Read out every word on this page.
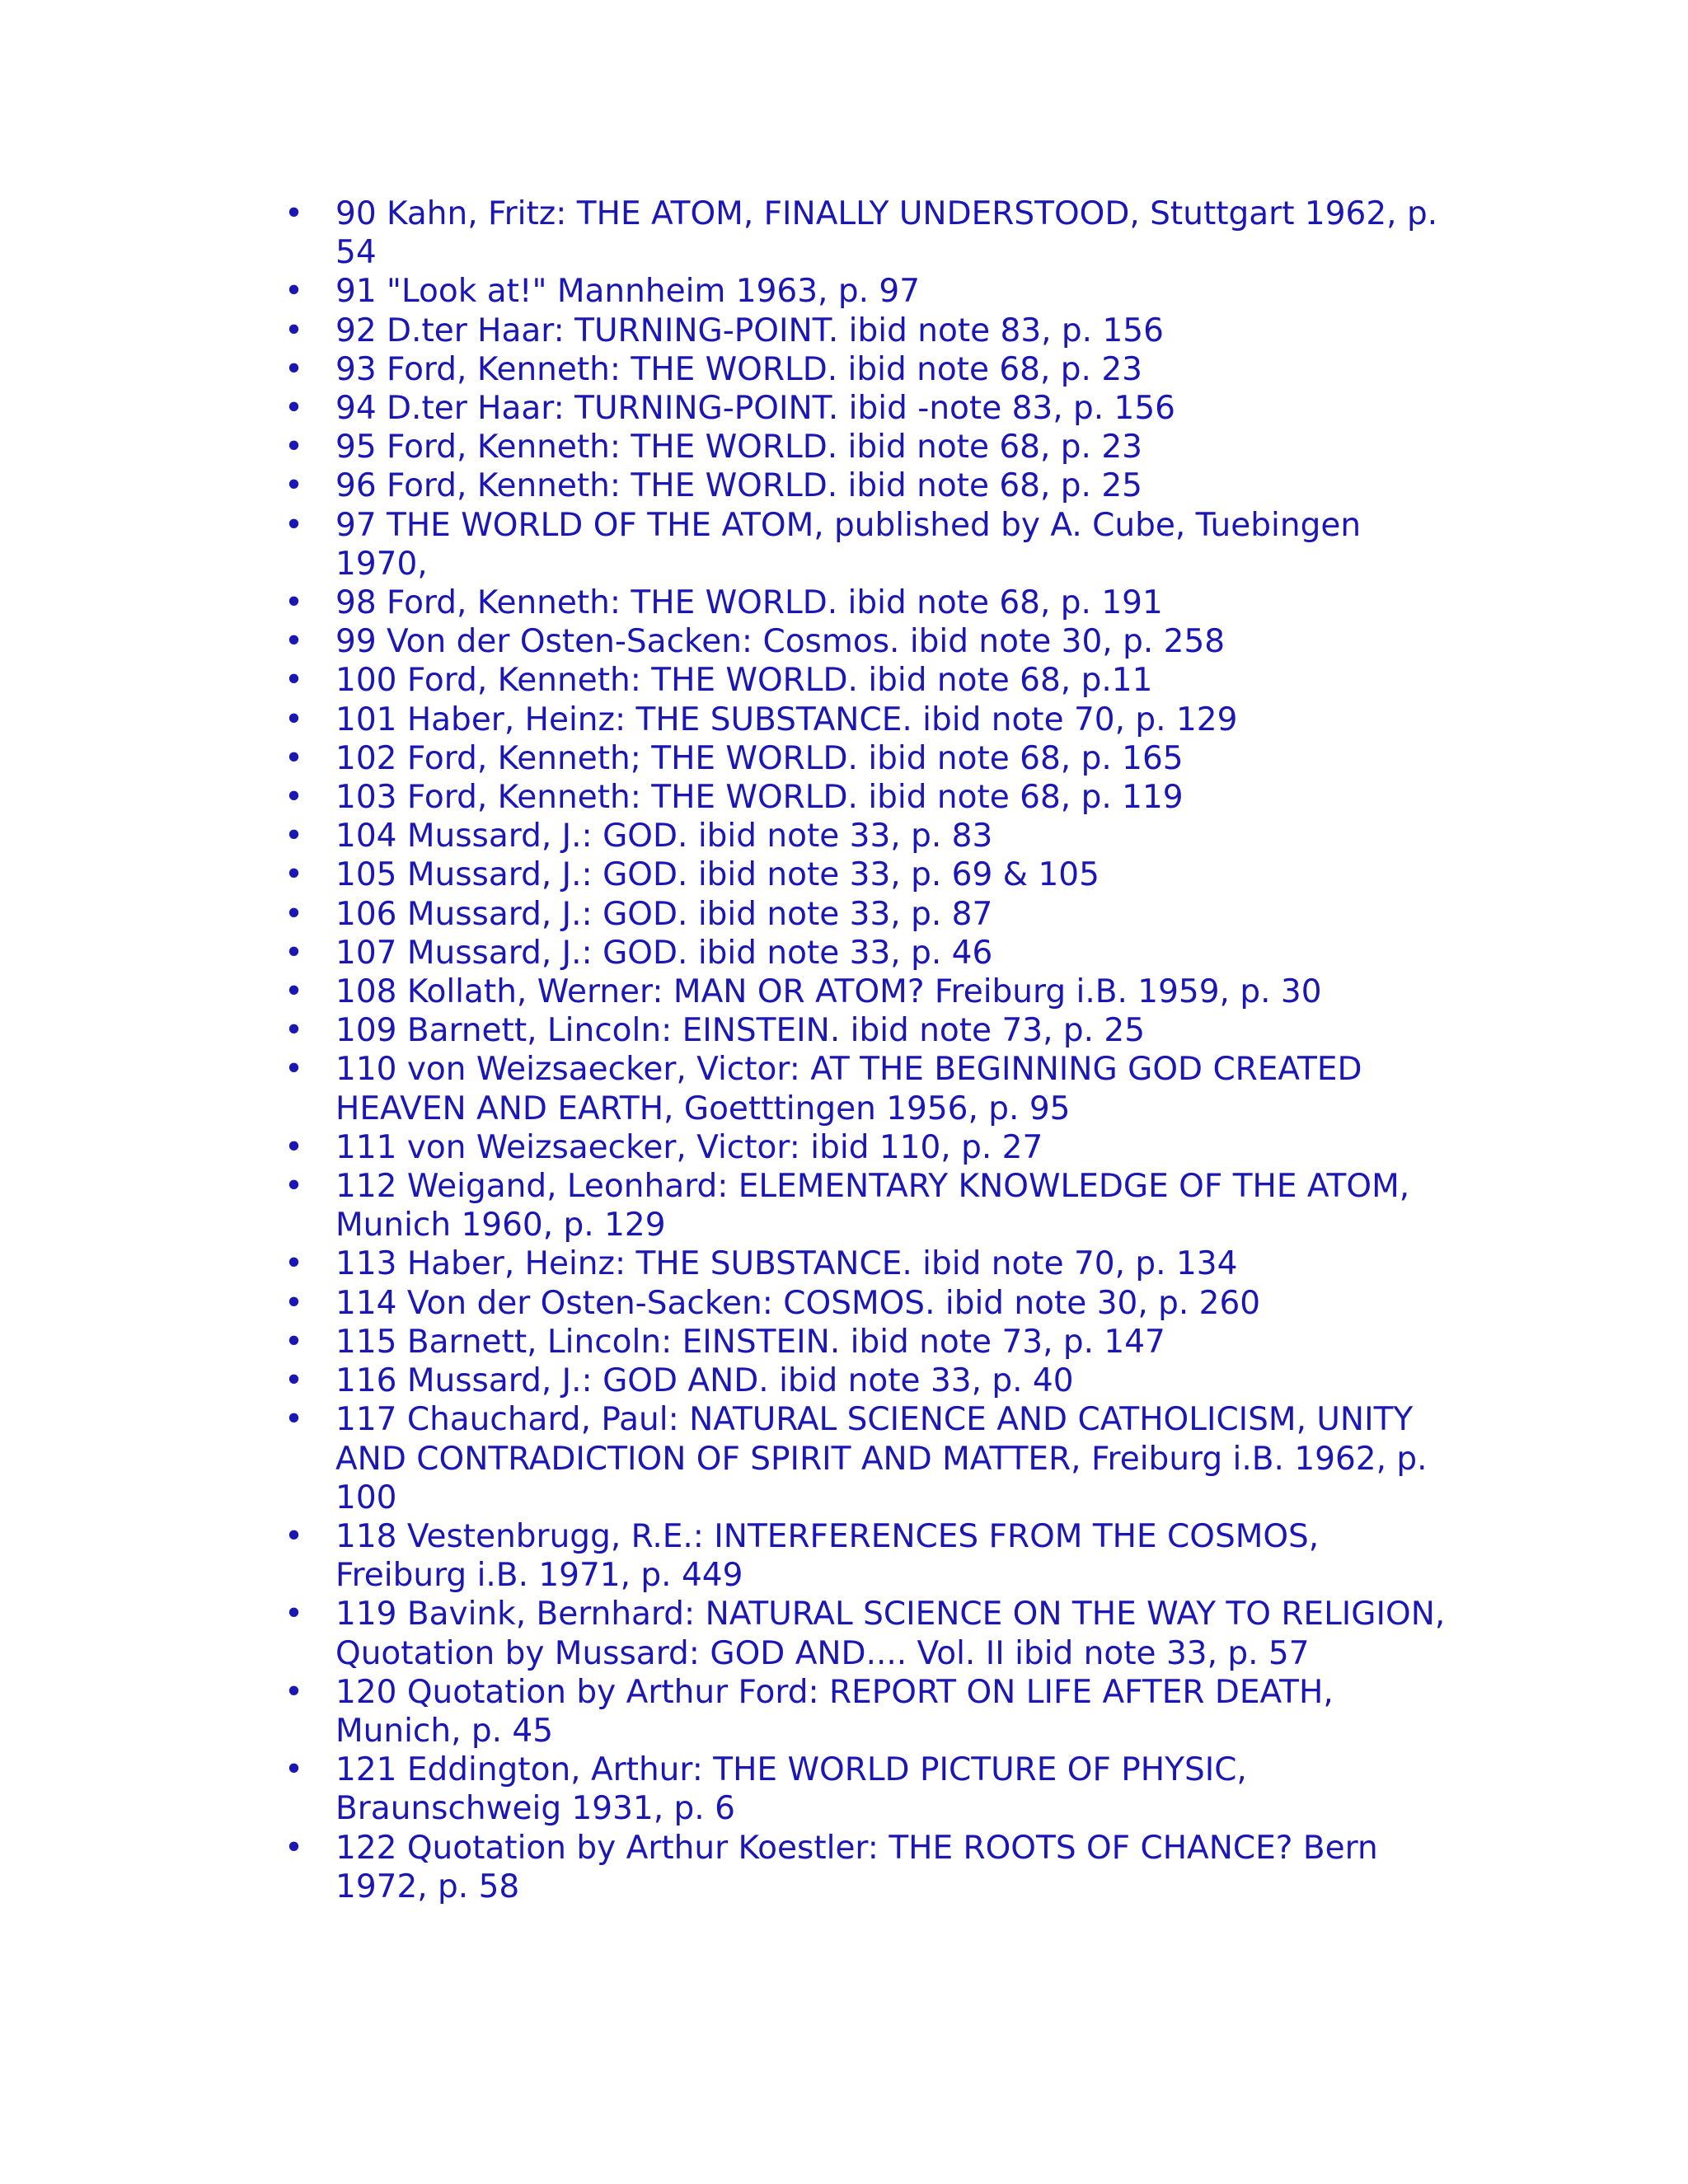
• 90 Kahn, Fritz: THE ATOM, FINALLY UNDERSTOOD, Stuttgart 1962, p. 54
• 91 "Look at!" Mannheim 1963, p. 97
• 92 D.ter Haar: TURNING-POINT. ibid note 83, p. 156
• 93 Ford, Kenneth: THE WORLD. ibid note 68, p. 23
• 94 D.ter Haar: TURNING-POINT. ibid -note 83, p. 156
• 95 Ford, Kenneth: THE WORLD. ibid note 68, p. 23
• 96 Ford, Kenneth: THE WORLD. ibid note 68, p. 25
• 97 THE WORLD OF THE ATOM, published by A. Cube, Tuebingen 1970,
• 98 Ford, Kenneth: THE WORLD. ibid note 68, p. 191
• 99 Von der Osten-Sacken: Cosmos. ibid note 30, p. 258
• 100 Ford, Kenneth: THE WORLD. ibid note 68, p.11
• 101 Haber, Heinz: THE SUBSTANCE. ibid note 70, p. 129
• 102 Ford, Kenneth; THE WORLD. ibid note 68, p. 165
• 103 Ford, Kenneth: THE WORLD. ibid note 68, p. 119
• 104 Mussard, J.: GOD. ibid note 33, p. 83
• 105 Mussard, J.: GOD. ibid note 33, p. 69 & 105
• 106 Mussard, J.: GOD. ibid note 33, p. 87
• 107 Mussard, J.: GOD. ibid note 33, p. 46
• 108 Kollath, Werner: MAN OR ATOM? Freiburg i.B. 1959, p. 30
• 109 Barnett, Lincoln: EINSTEIN. ibid note 73, p. 25
• 110 von Weizsaecker, Victor: AT THE BEGINNING GOD CREATED HEAVEN AND EARTH, Goetttingen 1956, p. 95
• 111 von Weizsaecker, Victor: ibid 110, p. 27
• 112 Weigand, Leonhard: ELEMENTARY KNOWLEDGE OF THE ATOM, Munich 1960, p. 129
• 113 Haber, Heinz: THE SUBSTANCE. ibid note 70, p. 134
• 114 Von der Osten-Sacken: COSMOS. ibid note 30, p. 260
• 115 Barnett, Lincoln: EINSTEIN. ibid note 73, p. 147
• 116 Mussard, J.: GOD AND. ibid note 33, p. 40
• 117 Chauchard, Paul: NATURAL SCIENCE AND CATHOLICISM, UNITY AND CONTRADICTION OF SPIRIT AND MATTER, Freiburg i.B. 1962, p. 100
• 118 Vestenbrugg, R.E.: INTERFERENCES FROM THE COSMOS, Freiburg i.B. 1971, p. 449
• 119 Bavink, Bernhard: NATURAL SCIENCE ON THE WAY TO RELIGION, Quotation by Mussard: GOD AND.... Vol. II ibid note 33, p. 57
• 120 Quotation by Arthur Ford: REPORT ON LIFE AFTER DEATH, Munich, p. 45
• 121 Eddington, Arthur: THE WORLD PICTURE OF PHYSIC, Braunschweig 1931, p. 6
• 122 Quotation by Arthur Koestler: THE ROOTS OF CHANCE? Bern 1972, p. 58
